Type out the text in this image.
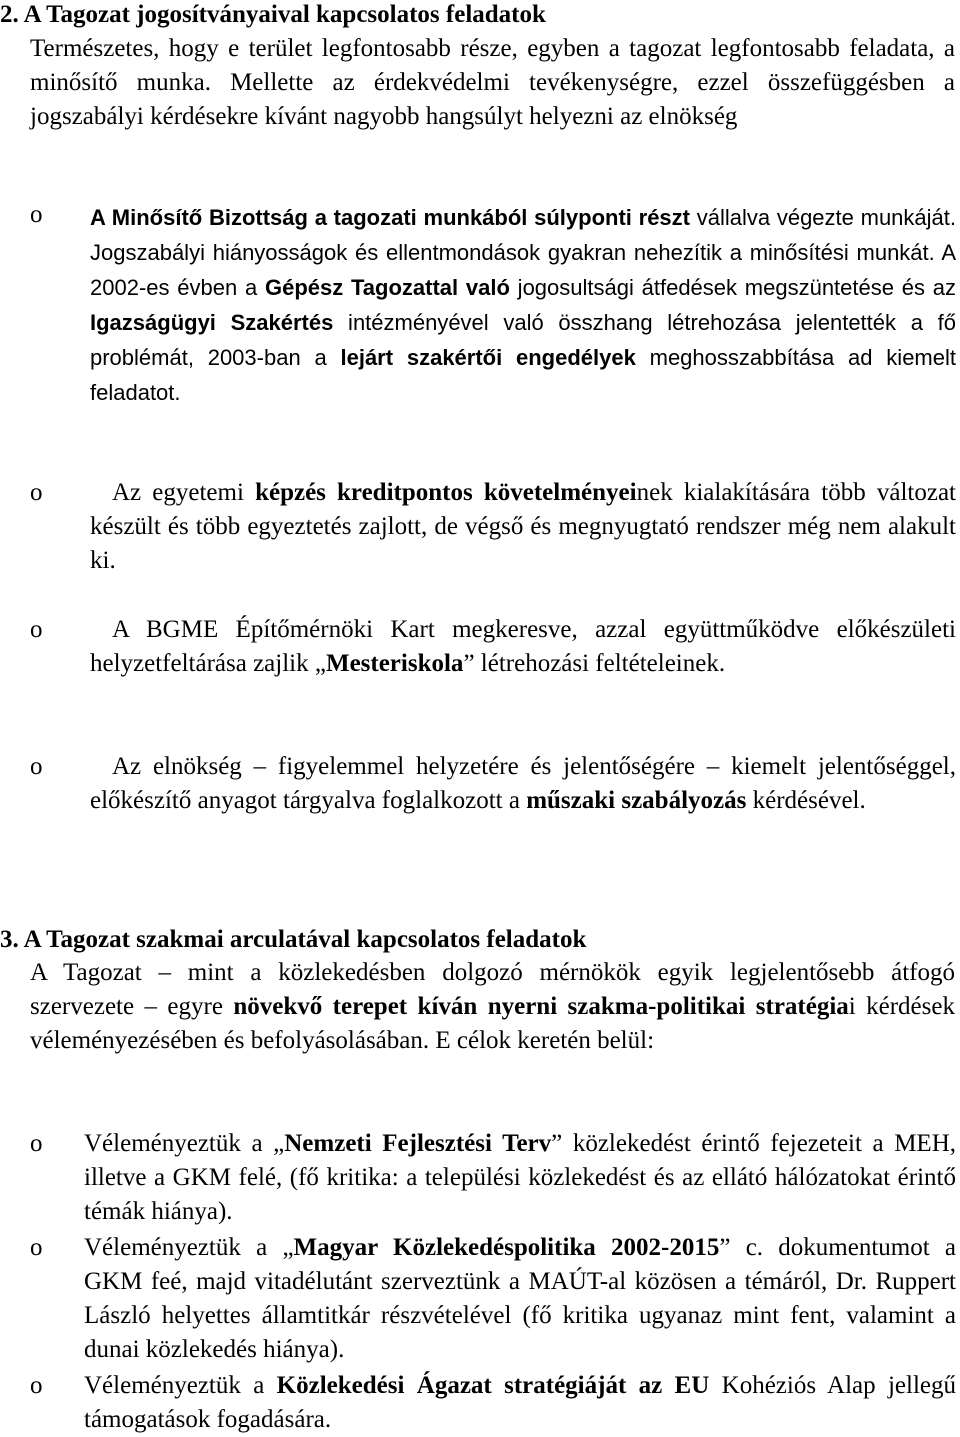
2. A Tagozat jogosítványaival kapcsolatos feladatok
Természetes, hogy e terület legfontosabb része, egyben a tagozat legfontosabb feladata, a minősítő munka. Mellette az érdekvédelmi tevékenységre, ezzel összefüggésben a jogszabályi kérdésekre kívánt nagyobb hangsúlyt helyezni az elnökség
o A Minősítő Bizottság a tagozati munkából súlyponti részt vállalva végezte munkáját. Jogszabályi hiányosságok és ellentmondások gyakran nehezítik a minősítési munkát. A 2002-es évben a Gépész Tagozattal való jogosultsági átfedések megszüntetése és az Igazságügyi Szakértés intézményével való összhang létrehozása jelentették a fő problémát, 2003-ban a lejárt szakértői engedélyek meghosszabbítása ad kiemelt feladatot.
o	Az egyetemi képzés kreditpontos követelményeinek kialakítására több változat készült és több egyeztetés zajlott, de végső és megnyugtató rendszer még nem alakult ki.
o	A BGME Építőmérnöki Kart megkeresve, azzal együttműködve előkészületi helyzetfeltárása zajlik „Mesteriskola” létrehozási feltételeinek.
o	Az elnökség – figyelemmel helyzetére és jelentőségére – kiemelt jelentőséggel, előkészítő anyagot tárgyalva foglalkozott a műszaki szabályozás kérdésével.
3. A Tagozat szakmai arculatával kapcsolatos feladatok
A Tagozat – mint a közlekedésben dolgozó mérnökök egyik legjelentősebb átfogó szervezete – egyre növekvő terepet kíván nyerni szakma-politikai stratégiai kérdések véleményezésében és befolyásolásában. E célok keretén belül:
o Véleményeztük a „Nemzeti Fejlesztési Terv” közlekedést érintő fejezeteit a MEH, illetve a GKM felé, (fő kritika: a települési közlekedést és az ellátó hálózatokat érintő témák hiánya).
o Véleményeztük a „Magyar Közlekedéspolitika 2002-2015” c. dokumentumot a GKM feé, majd vitadélutánt szerveztünk a MAÚT-al közösen a témáról, Dr. Ruppert László helyettes államtitkár részvételével (fő kritika ugyanaz mint fent, valamint a dunai közlekedés hiánya).
o Véleményeztük a Közlekedési Ágazat stratégiáját az EU Kohéziós Alap jellegű támogatások fogadására.
